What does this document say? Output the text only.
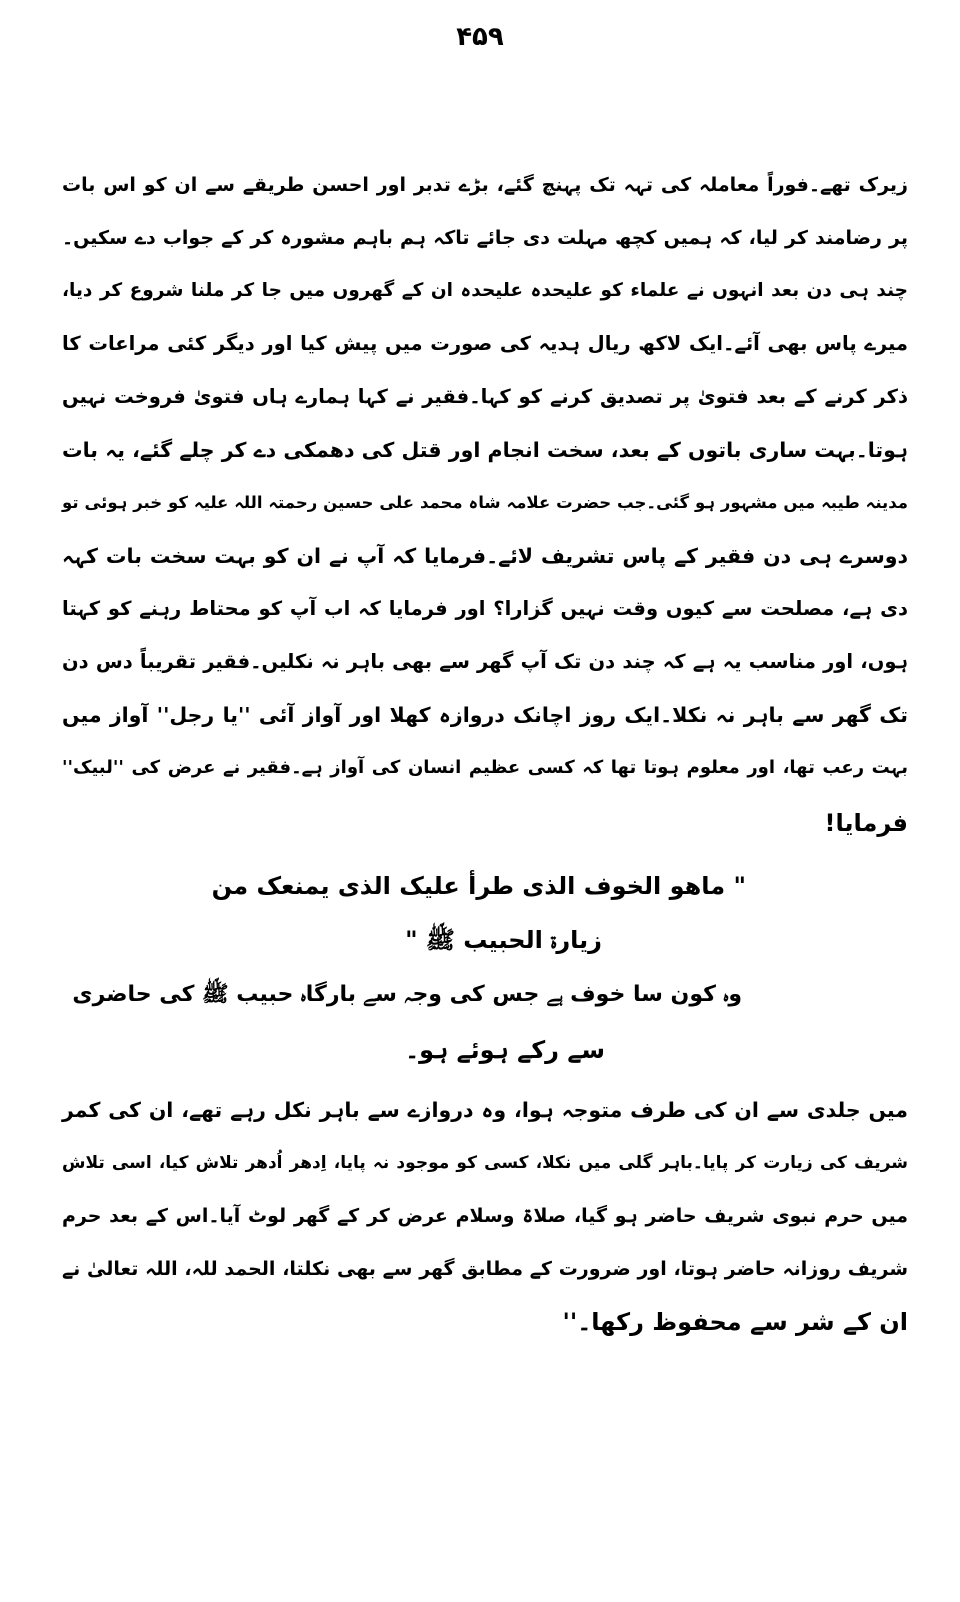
۴۵۹
زیرک تھے۔فوراً معاملہ کی تہہ تک پہنچ گئے، بڑے تدبر اور احسن طریقے سے ان کو اس بات
پر رضامند کر لیا، کہ ہمیں کچھ مہلت دی جائے تاکہ ہم باہم مشورہ کر کے جواب دے سکیں۔
چند ہی دن بعد انہوں نے علماء کو علیحدہ علیحدہ ان کے گھروں میں جا کر ملنا شروع کر دیا،
میرے پاس بھی آئے۔ایک لاکھ ریال ہدیہ کی صورت میں پیش کیا اور دیگر کئی مراعات کا
ذکر کرنے کے بعد فتویٰ پر تصدیق کرنے کو کہا۔فقیر نے کہا ہمارے ہاں فتویٰ فروخت نہیں
ہوتا۔بہت ساری باتوں کے بعد، سخت انجام اور قتل کی دھمکی دے کر چلے گئے، یہ بات
مدینہ طیبہ میں مشہور ہو گئی۔جب حضرت علامہ شاہ محمد علی حسین رحمتہ اللہ علیہ کو خبر ہوئی تو
دوسرے ہی دن فقیر کے پاس تشریف لائے۔فرمایا کہ آپ نے ان کو بہت سخت بات کہہ
دی ہے، مصلحت سے کیوں وقت نہیں گزارا؟ اور فرمایا کہ اب آپ کو محتاط رہنے کو کہتا
ہوں، اور مناسب یہ ہے کہ چند دن تک آپ گھر سے بھی باہر نہ نکلیں۔فقیر تقریباً دس دن
تک گھر سے باہر نہ نکلا۔ایک روز اچانک دروازہ کھلا اور آواز آئی ''یا رجل'' آواز میں
بہت رعب تھا، اور معلوم ہوتا تھا کہ کسی عظیم انسان کی آواز ہے۔فقیر نے عرض کی ''لبیک''
فرمایا!
" ماھو الخوف الذی طرأ علیک الذی یمنعک من
زیارۃ الحبیب ﷺ "
وہ کون سا خوف ہے جس کی وجہ سے بارگاہ حبیب ﷺ کی حاضری
سے رکے ہوئے ہو۔
میں جلدی سے ان کی طرف متوجہ ہوا، وہ دروازے سے باہر نکل رہے تھے، ان کی کمر
شریف کی زیارت کر پایا۔باہر گلی میں نکلا، کسی کو موجود نہ پایا، اِدھر اُدھر تلاش کیا، اسی تلاش
میں حرم نبوی شریف حاضر ہو گیا، صلاۃ وسلام عرض کر کے گھر لوٹ آیا۔اس کے بعد حرم
شریف روزانہ حاضر ہوتا، اور ضرورت کے مطابق گھر سے بھی نکلتا، الحمد للہ، اللہ تعالیٰ نے
ان کے شر سے محفوظ رکھا۔''
